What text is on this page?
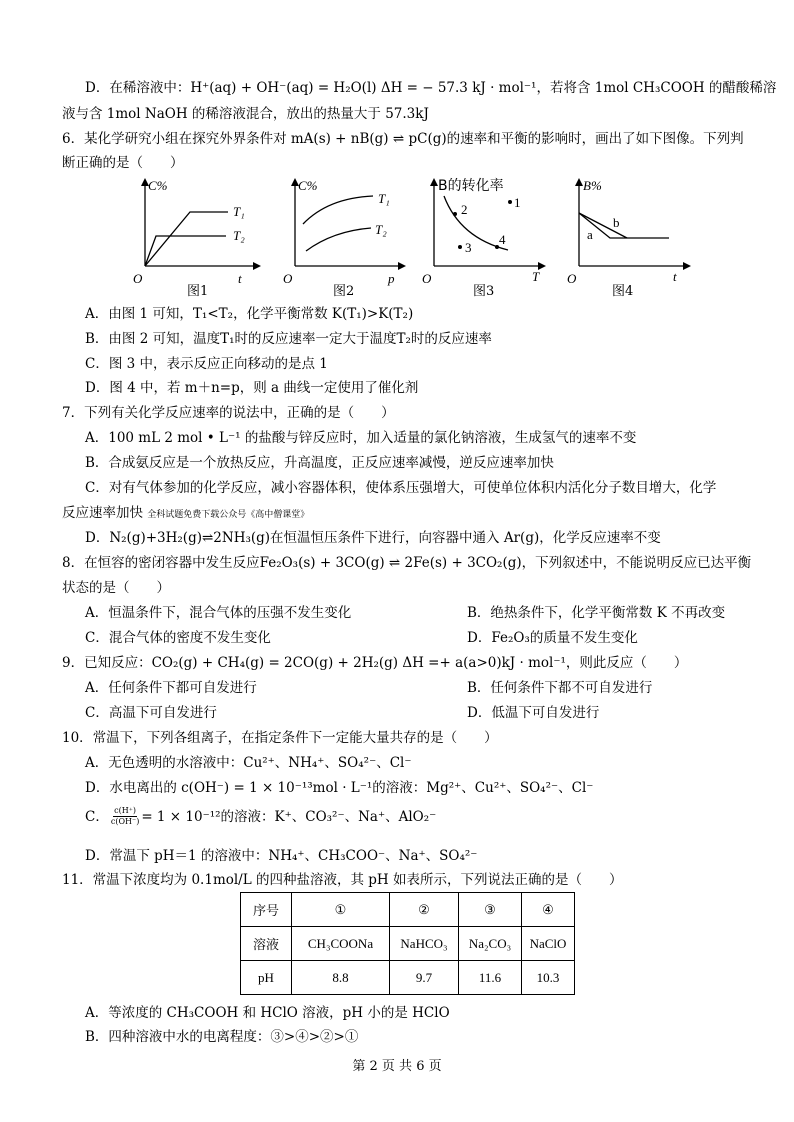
D．在稀溶液中：H⁺(aq) + OH⁻(aq) = H₂O(l) ΔH = − 57.3 kJ · mol⁻¹，若将含 1mol CH₃COOH 的醋酸稀溶
液与含 1mol NaOH 的稀溶液混合，放出的热量大于 57.3kJ
6．某化学研究小组在探究外界条件对 mA(s) + nB(g) ⇌ pC(g)的速率和平衡的影响时，画出了如下图像。下列判
断正确的是（　　）
C%
t
O
T₁
T₂
图1
C%
p
O
T₁
T₂
图2
B的转化率
T
O
1
2
3
4
图3
B%
t
O
a
b
图4
A．由图 1 可知，T₁<T₂，化学平衡常数 K(T₁)>K(T₂)
B．由图 2 可知，温度T₁时的反应速率一定大于温度T₂时的反应速率
C．图 3 中，表示反应正向移动的是点 1
D．图 4 中，若 m＋n=p，则 a 曲线一定使用了催化剂
7．下列有关化学反应速率的说法中，正确的是（　　）
A．100 mL 2 mol • L⁻¹ 的盐酸与锌反应时，加入适量的氯化钠溶液，生成氢气的速率不变
B．合成氨反应是一个放热反应，升高温度，正反应速率减慢，逆反应速率加快
C．对有气体参加的化学反应，减小容器体积，使体系压强增大，可使单位体积内活化分子数目增大，化学
反应速率加快 全科试题免费下载公众号《高中僧课堂》
D．N₂(g)+3H₂(g)⇌2NH₃(g)在恒温恒压条件下进行，向容器中通入 Ar(g)，化学反应速率不变
8．在恒容的密闭容器中发生反应Fe₂O₃(s) + 3CO(g) ⇌ 2Fe(s) + 3CO₂(g)，下列叙述中，不能说明反应已达平衡
状态的是（　　）
A．恒温条件下，混合气体的压强不发生变化	B．绝热条件下，化学平衡常数 K 不再改变
C．混合气体的密度不发生变化	D．Fe₂O₃的质量不发生变化
9．已知反应：CO₂(g) + CH₄(g) = 2CO(g) + 2H₂(g) ΔH =+ a(a>0)kJ · mol⁻¹，则此反应（　　）
A．任何条件下都可自发进行	B．任何条件下都不可自发进行
C．高温下可自发进行	D．低温下可自发进行
10．常温下，下列各组离子，在指定条件下一定能大量共存的是（　　）
A．无色透明的水溶液中：Cu²⁺、NH₄⁺、SO₄²⁻、Cl⁻
D．水电离出的 c(OH⁻) = 1 × 10⁻¹³mol · L⁻¹的溶液：Mg²⁺、Cu²⁺、SO₄²⁻、Cl⁻
C． $\frac{c(H^+)}{c(OH^-)} = 1 \times 10^{-12}$的溶液：K⁺、CO₃²⁻、Na⁺、AlO₂⁻
D．常温下 pH＝1 的溶液中：NH₄⁺、CH₃COO⁻、Na⁺、SO₄²⁻
11．常温下浓度均为 0.1mol/L 的四种盐溶液，其 pH 如表所示，下列说法正确的是（　　）
序号	①	②	③	④
溶液	CH₃COONa	NaHCO₃	Na₂CO₃	NaClO
pH	8.8	9.7	11.6	10.3
A．等浓度的 CH₃COOH 和 HClO 溶液，pH 小的是 HClO
B．四种溶液中水的电离程度：③>④>②>①
第 2 页 共 6 页
